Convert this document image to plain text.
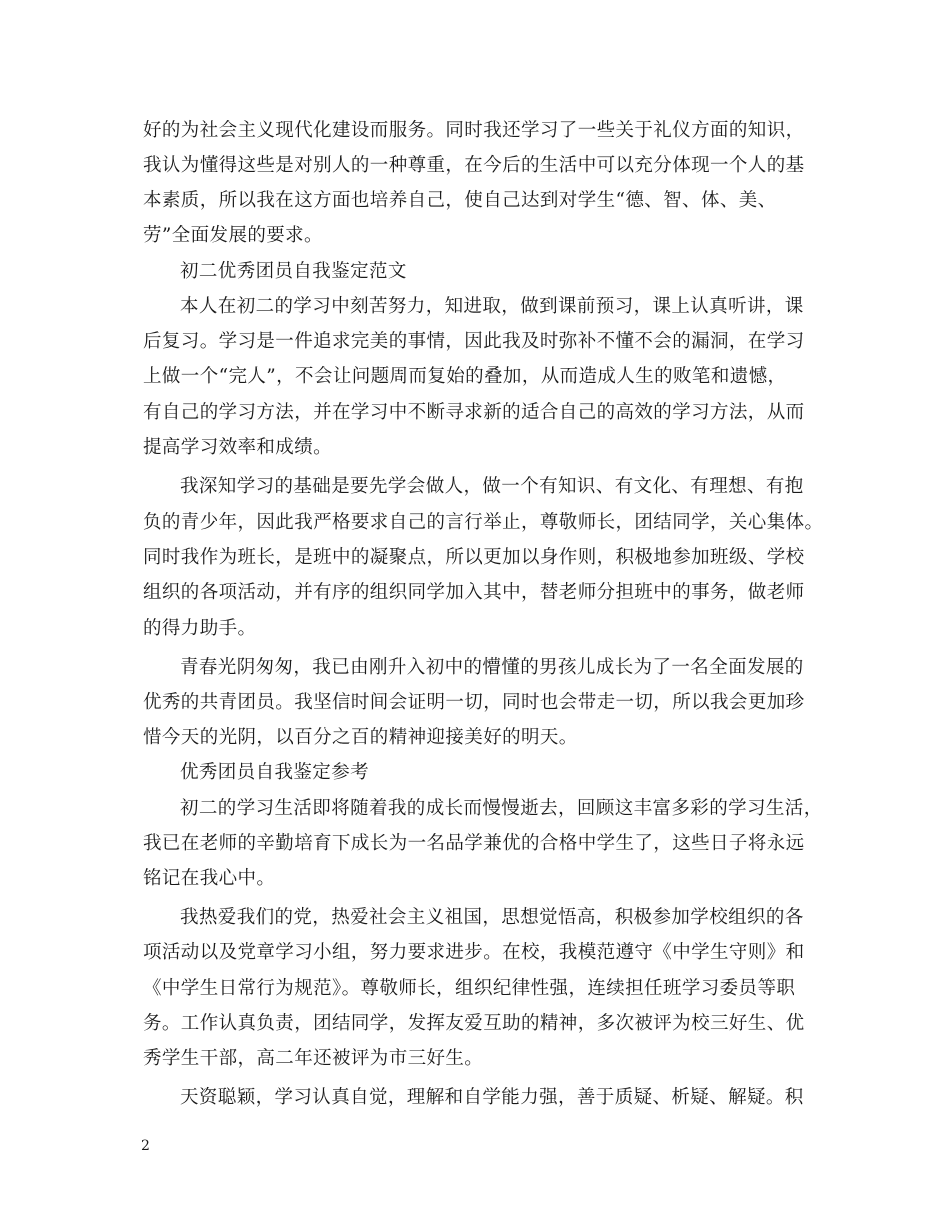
好的为社会主义现代化建设而服务。同时我还学习了一些关于礼仪方面的知识，
我认为懂得这些是对别人的一种尊重，在今后的生活中可以充分体现一个人的基
本素质，所以我在这方面也培养自己，使自己达到对学生“德、智、体、美、
劳”全面发展的要求。
初二优秀团员自我鉴定范文
本人在初二的学习中刻苦努力，知进取，做到课前预习，课上认真听讲，课
后复习。学习是一件追求完美的事情，因此我及时弥补不懂不会的漏洞，在学习
上做一个“完人”，不会让问题周而复始的叠加，从而造成人生的败笔和遗憾，
有自己的学习方法，并在学习中不断寻求新的适合自己的高效的学习方法，从而
提高学习效率和成绩。
我深知学习的基础是要先学会做人，做一个有知识、有文化、有理想、有抱
负的青少年，因此我严格要求自己的言行举止，尊敬师长，团结同学，关心集体。
同时我作为班长，是班中的凝聚点，所以更加以身作则，积极地参加班级、学校
组织的各项活动，并有序的组织同学加入其中，替老师分担班中的事务，做老师
的得力助手。
青春光阴匆匆，我已由刚升入初中的懵懂的男孩儿成长为了一名全面发展的
优秀的共青团员。我坚信时间会证明一切，同时也会带走一切，所以我会更加珍
惜今天的光阴，以百分之百的精神迎接美好的明天。
优秀团员自我鉴定参考
初二的学习生活即将随着我的成长而慢慢逝去，回顾这丰富多彩的学习生活，
我已在老师的辛勤培育下成长为一名品学兼优的合格中学生了，这些日子将永远
铭记在我心中。
我热爱我们的党，热爱社会主义祖国，思想觉悟高，积极参加学校组织的各
项活动以及党章学习小组，努力要求进步。在校，我模范遵守《中学生守则》和
《中学生日常行为规范》。尊敬师长，组织纪律性强，连续担任班学习委员等职
务。工作认真负责，团结同学，发挥友爱互助的精神，多次被评为校三好生、优
秀学生干部，高二年还被评为市三好生。
天资聪颖，学习认真自觉，理解和自学能力强，善于质疑、析疑、解疑。积
2
